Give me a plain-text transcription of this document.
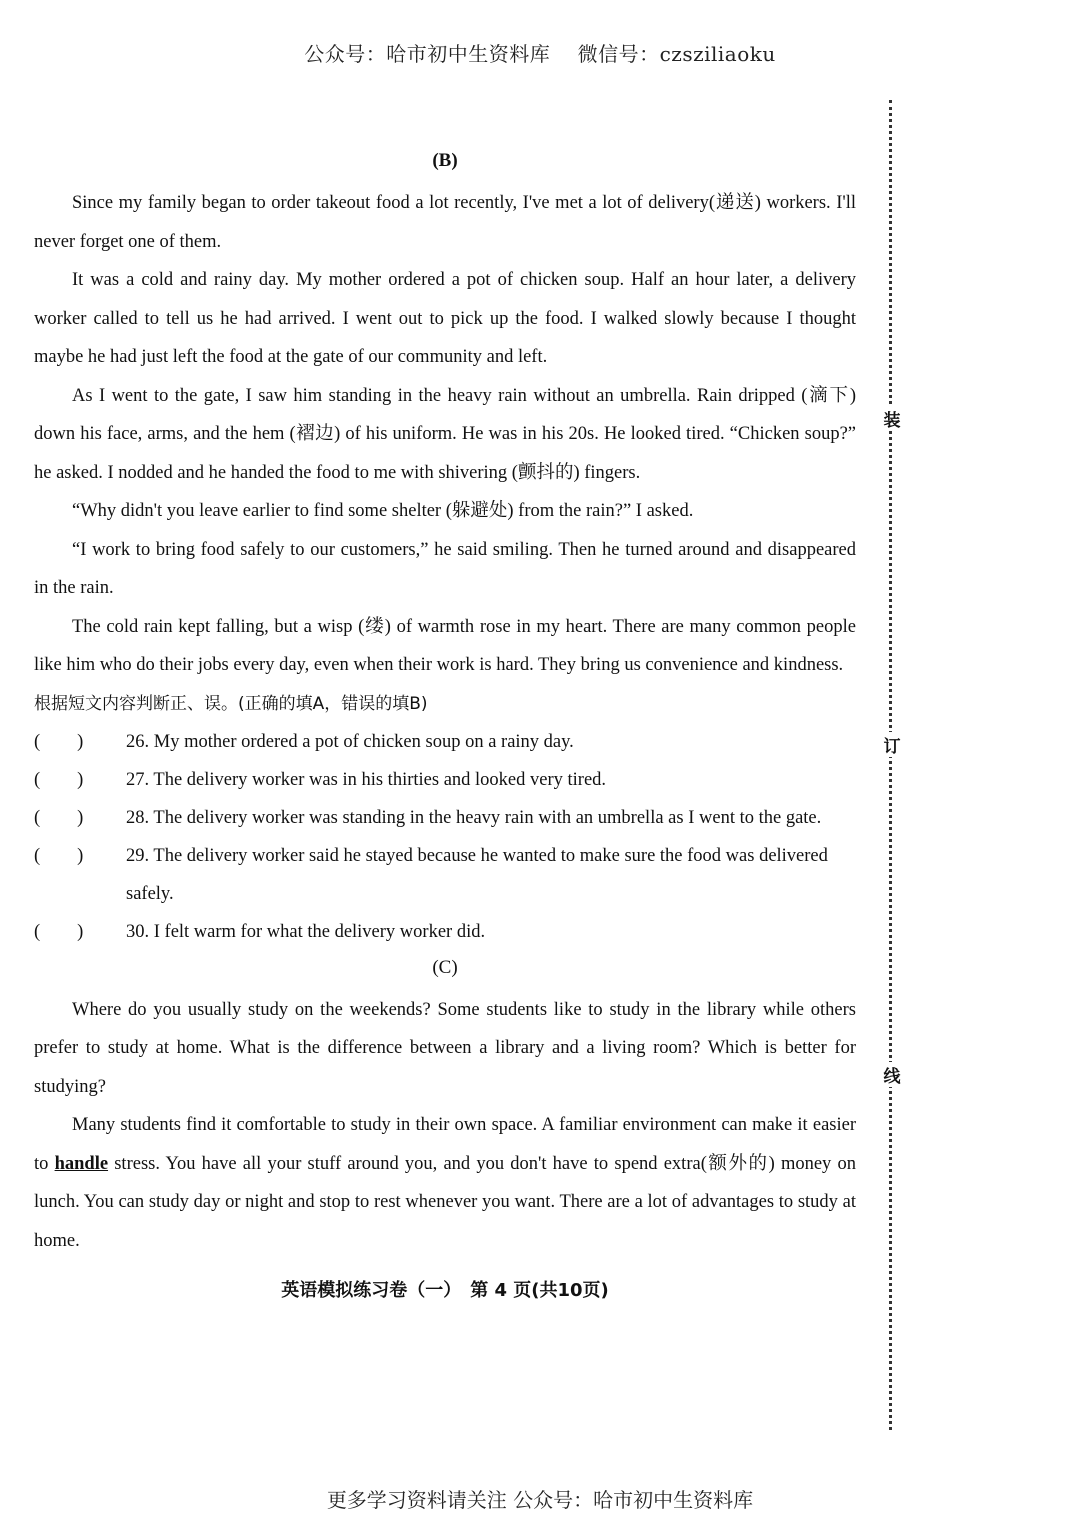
公众号：哈市初中生资料库　 微信号：czsziliaoku
装
订
线
(B)

Since my family began to order takeout food a lot recently, I've met a lot of delivery(递送) workers. I'll never forget one of them.

It was a cold and rainy day. My mother ordered a pot of chicken soup. Half an hour later, a delivery worker called to tell us he had arrived. I went out to pick up the food. I walked slowly because I thought maybe he had just left the food at the gate of our community and left.

As I went to the gate, I saw him standing in the heavy rain without an umbrella. Rain dripped (滴下) down his face, arms, and the hem (褶边) of his uniform. He was in his 20s. He looked tired. “Chicken soup?” he asked. I nodded and he handed the food to me with shivering (颤抖的) fingers.

“Why didn't you leave earlier to find some shelter (躲避处) from the rain?” I asked.

“I work to bring food safely to our customers,” he said smiling. Then he turned around and disappeared in the rain.

The cold rain kept falling, but a wisp (缕) of warmth rose in my heart. There are many common people like him who do their jobs every day, even when their work is hard. They bring us convenience and kindness.

根据短文内容判断正、误。(正确的填A，错误的填B)

(　　)	26. My mother ordered a pot of chicken soup on a rainy day.
(　　)	27. The delivery worker was in his thirties and looked very tired.
(　　)	28. The delivery worker was standing in the heavy rain with an umbrella as I went to the gate.
(　　)	29. The delivery worker said he stayed because he wanted to make sure the food was delivered safely.
(　　)	30. I felt warm for what the delivery worker did.
(C)

Where do you usually study on the weekends? Some students like to study in the library while others prefer to study at home. What is the difference between a library and a living room? Which is better for studying?

Many students find it comfortable to study in their own space. A familiar environment can make it easier to handle stress. You have all your stuff around you, and you don't have to spend extra(额外的) money on lunch. You can study day or night and stop to rest whenever you want. There are a lot of advantages to study at home.

英语模拟练习卷（一）　第 4 页(共10页)
更多学习资料请关注 公众号：哈市初中生资料库
